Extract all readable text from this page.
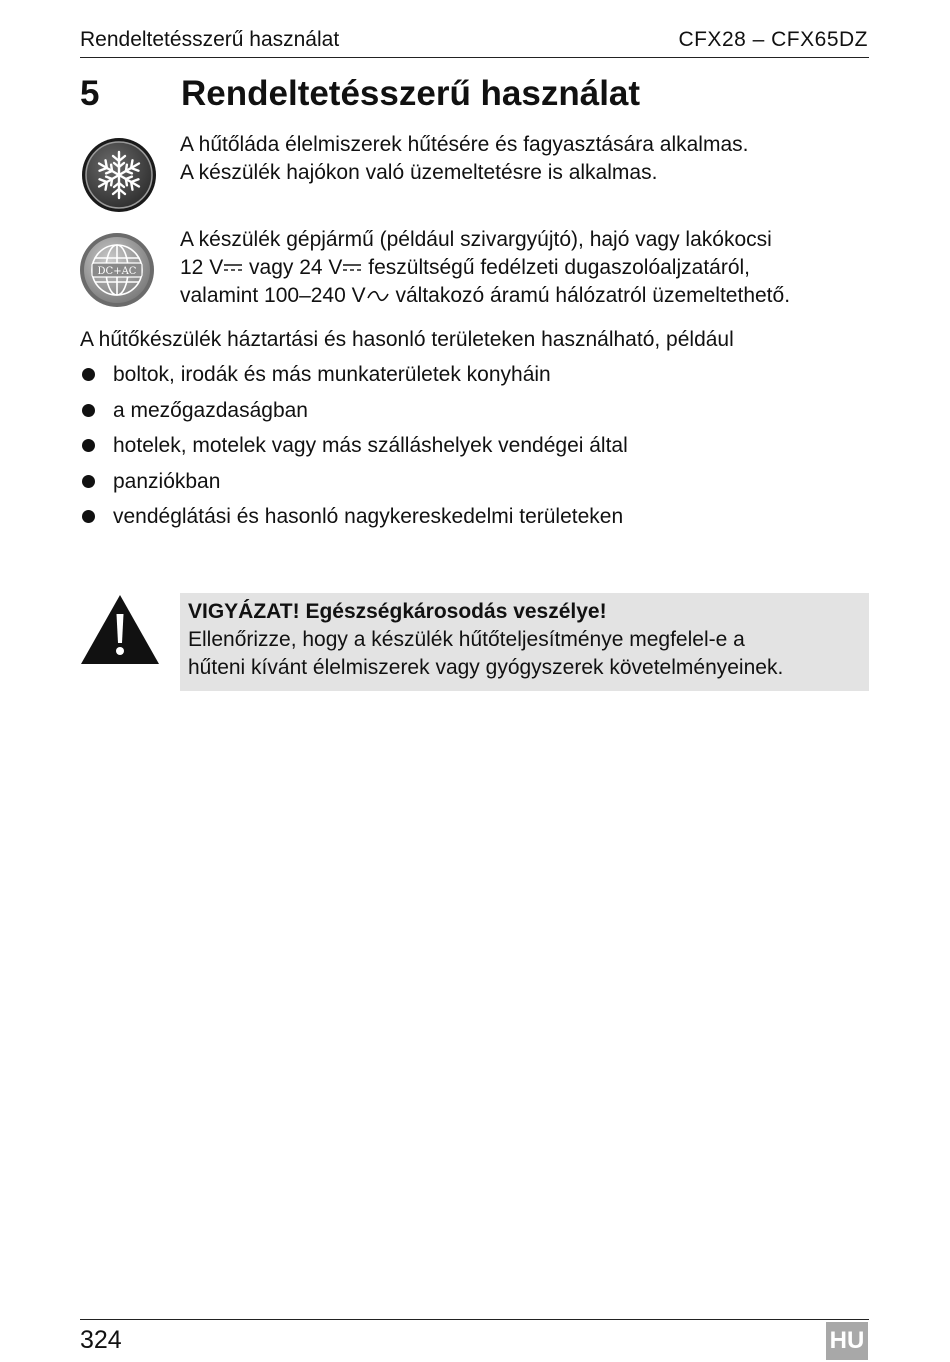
Rendeltetésszerű használat	CFX28 – CFX65DZ
5 Rendeltetésszerű használat
A hűtőláda élelmiszerek hűtésére és fagyasztására alkalmas.
A készülék hajókon való üzemeltetésre is alkalmas.
DC+AC
A készülék gépjármű (például szivargyújtó), hajó vagy lakókocsi
12 V vagy 24 V feszültségű fedélzeti dugaszolóaljzatáról,
valamint 100–240 V váltakozó áramú hálózatról üzemeltethető.
A hűtőkészülék háztartási és hasonló területeken használható, például
boltok, irodák és más munkaterületek konyháin
a mezőgazdaságban
hotelek, motelek vagy más szálláshelyek vendégei által
panziókban
vendéglátási és hasonló nagykereskedelmi területeken
VIGYÁZAT! Egészségkárosodás veszélye!
Ellenőrizze, hogy a készülék hűtőteljesítménye megfelel-e a
hűteni kívánt élelmiszerek vagy gyógyszerek követelményeinek.
324	HU
